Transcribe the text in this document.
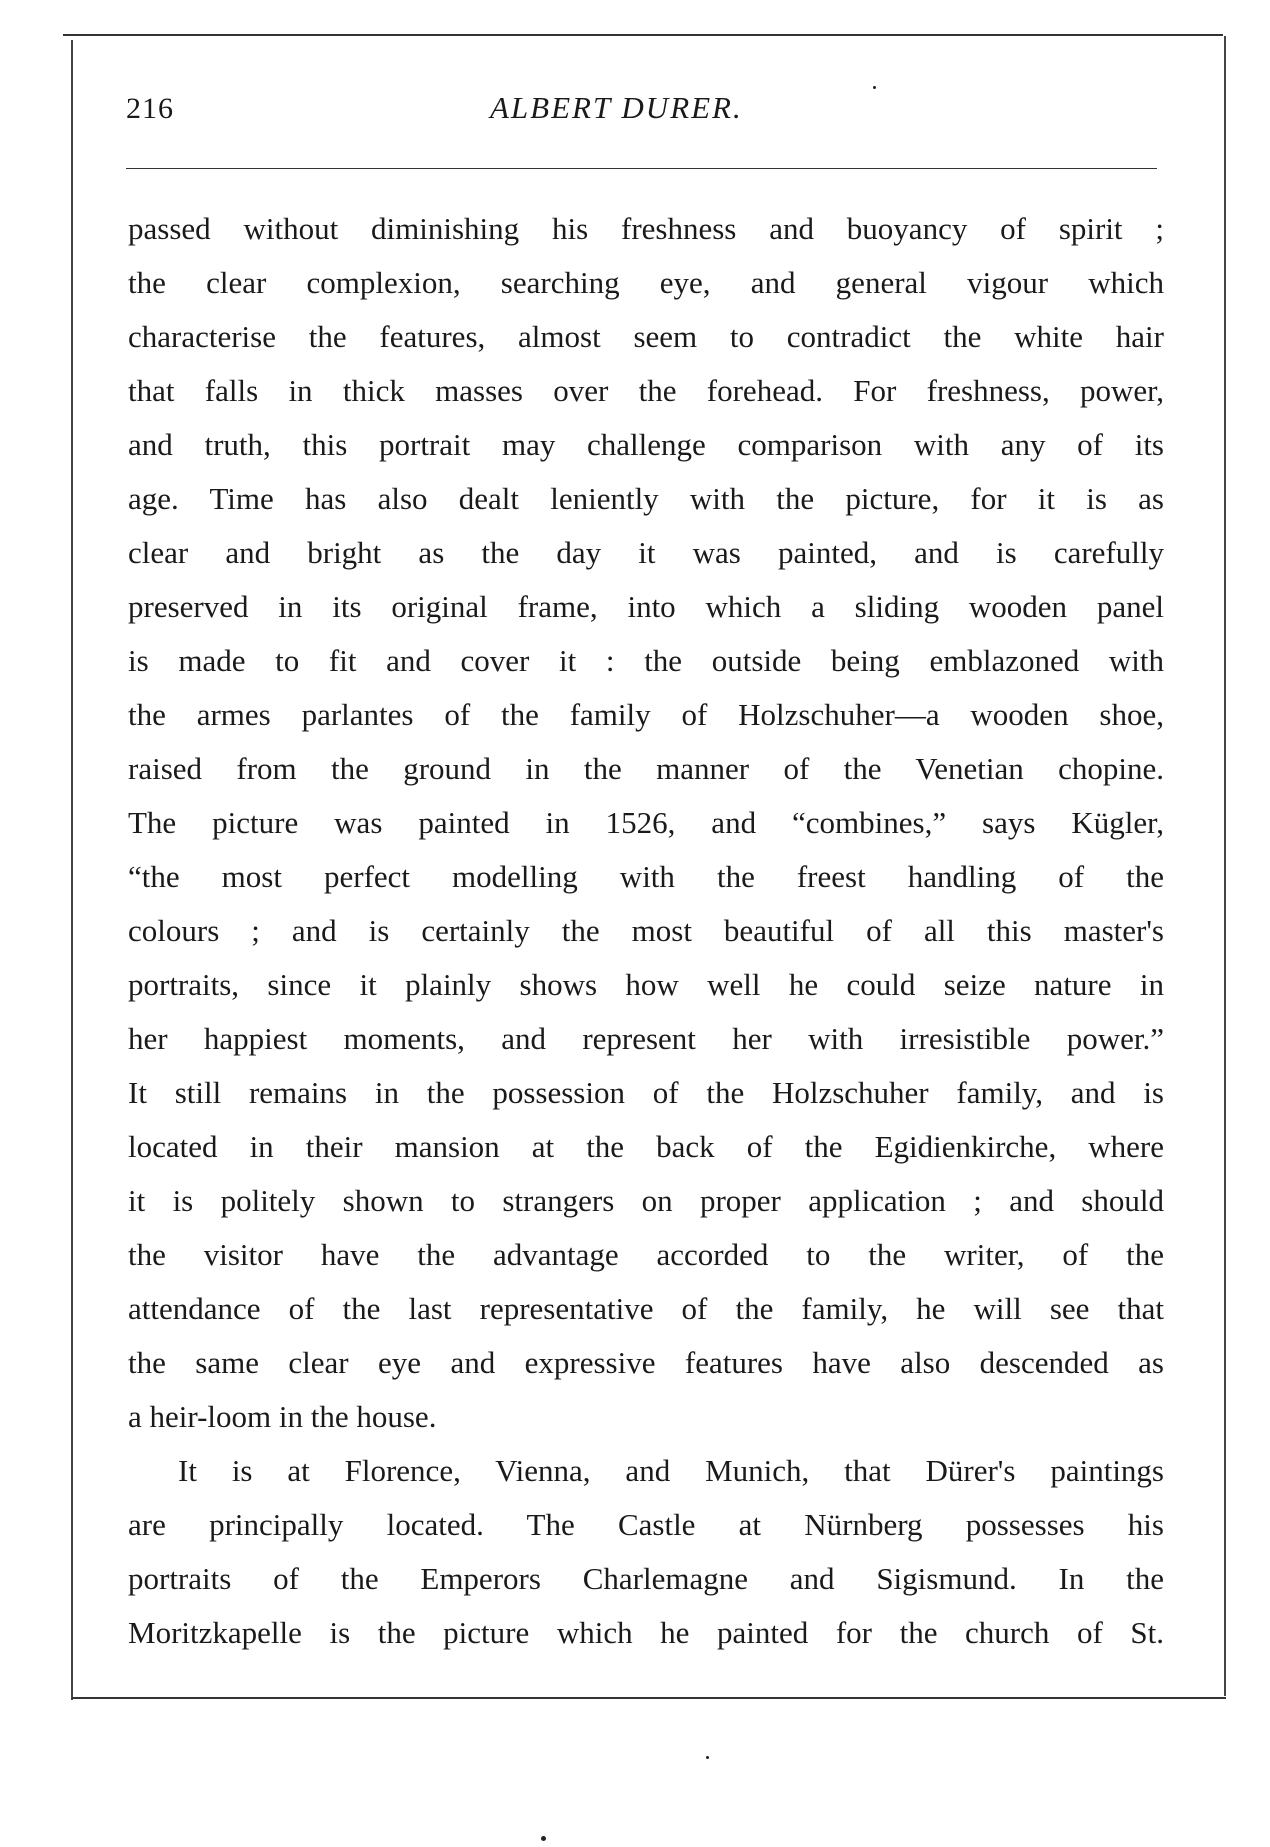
216	ALBERT DURER.
passed without diminishing his freshness and buoyancy of spirit ;
the clear complexion, searching eye, and general vigour which
characterise the features, almost seem to contradict the white hair
that falls in thick masses over the forehead. For freshness, power,
and truth, this portrait may challenge comparison with any of its
age. Time has also dealt leniently with the picture, for it is as
clear and bright as the day it was painted, and is carefully
preserved in its original frame, into which a sliding wooden panel
is made to fit and cover it : the outside being emblazoned with
the armes parlantes of the family of Holzschuher—a wooden shoe,
raised from the ground in the manner of the Venetian chopine.
The picture was painted in 1526, and “combines,” says Kügler,
“the most perfect modelling with the freest handling of the
colours ; and is certainly the most beautiful of all this master's
portraits, since it plainly shows how well he could seize nature in
her happiest moments, and represent her with irresistible power.”
It still remains in the possession of the Holzschuher family, and is
located in their mansion at the back of the Egidienkirche, where
it is politely shown to strangers on proper application ; and should
the visitor have the advantage accorded to the writer, of the
attendance of the last representative of the family, he will see that
the same clear eye and expressive features have also descended as
a heir-loom in the house.
It is at Florence, Vienna, and Munich, that Dürer's paintings
are principally located. The Castle at Nürnberg possesses his
portraits of the Emperors Charlemagne and Sigismund. In the
Moritzkapelle is the picture which he painted for the church of St.
